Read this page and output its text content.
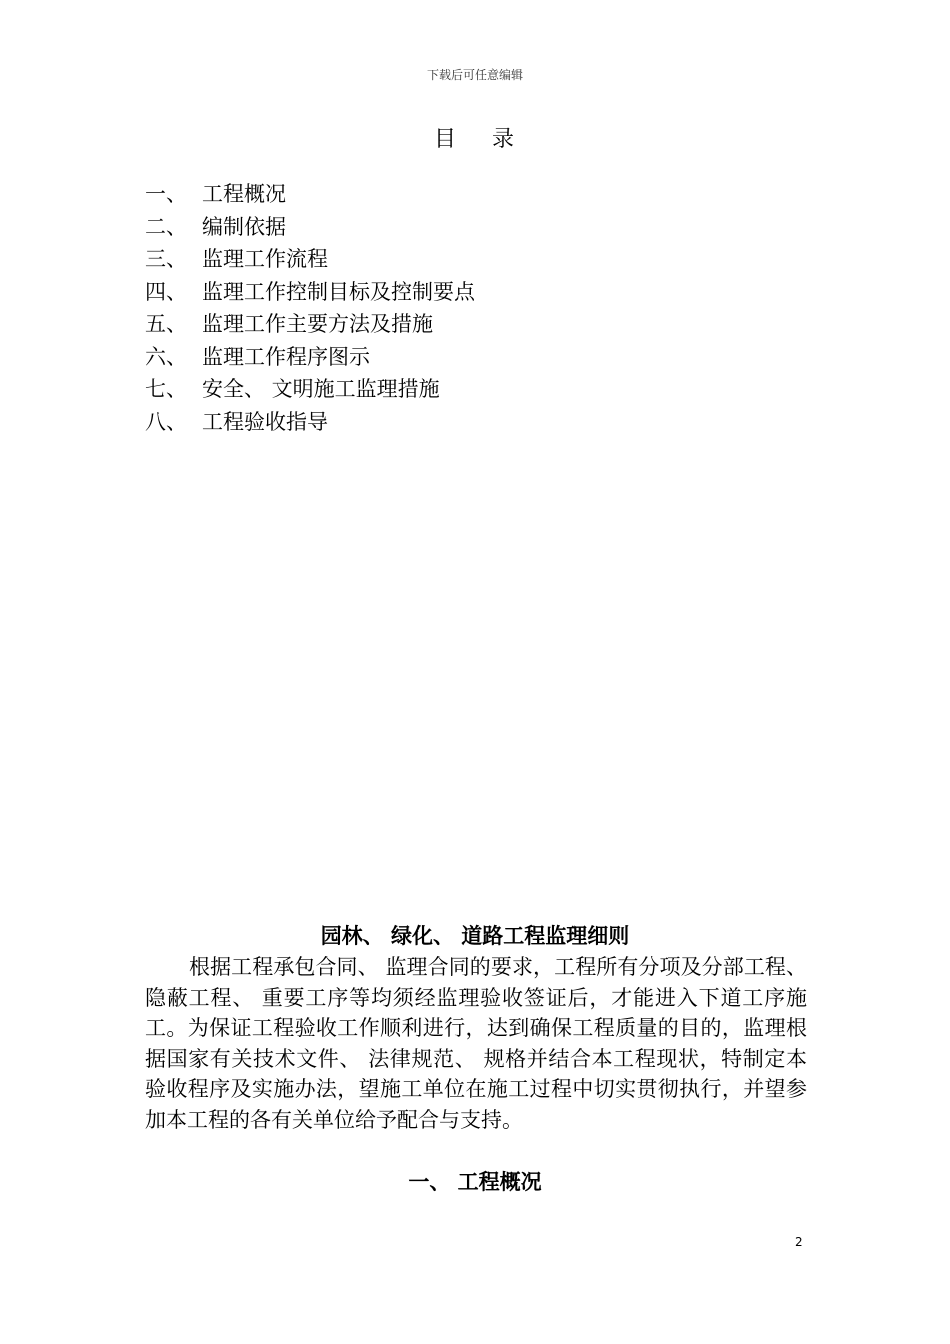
下载后可任意编辑
目 录
一、 工程概况
二、 编制依据
三、 监理工作流程
四、 监理工作控制目标及控制要点
五、 监理工作主要方法及措施
六、 监理工作程序图示
七、 安全、 文明施工监理措施
八、 工程验收指导
园林、 绿化、 道路工程监理细则

根据工程承包合同、 监理合同的要求，工程所有分项及分部工程、 隐蔽工程、 重要工序等均须经监理验收签证后，才能进入下道工序施工。为保证工程验收工作顺利进行，达到确保工程质量的目的，监理根据国家有关技术文件、 法律规范、 规格并结合本工程现状，特制定本验收程序及实施办法，望施工单位在施工过程中切实贯彻执行，并望参加本工程的各有关单位给予配合与支持。

一、 工程概况
2
